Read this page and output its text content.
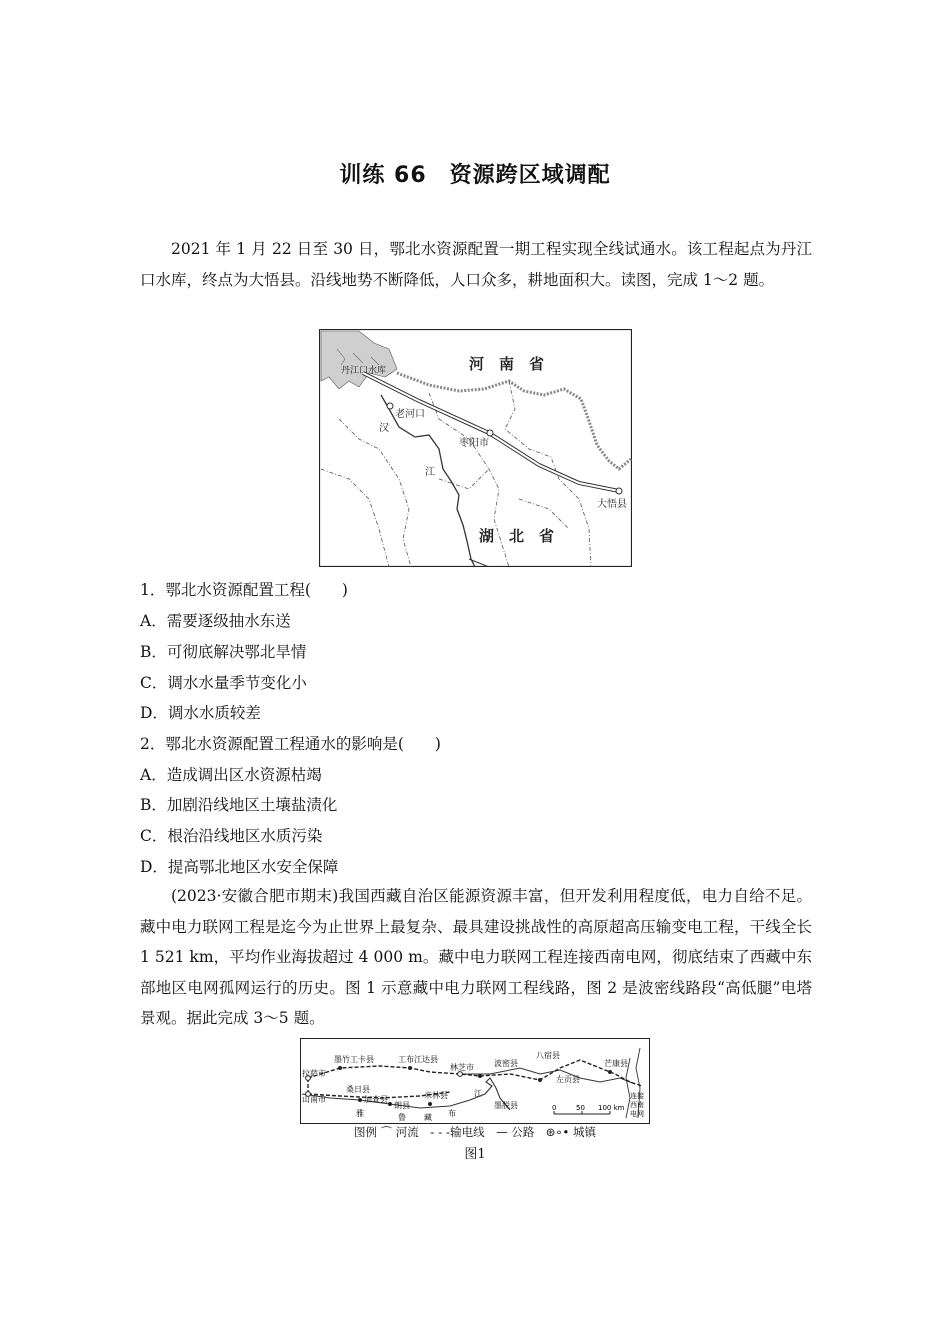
训练 66　资源跨区域调配

2021 年 1 月 22 日至 30 日，鄂北水资源配置一期工程实现全线试通水。该工程起点为丹江口水库，终点为大悟县。沿线地势不断降低，人口众多，耕地面积大。读图，完成 1～2 题。

丹江口水库
老河口
枣阳市
大悟县
汉
江
河　南　省
湖　北　省
1．鄂北水资源配置工程(　　)
A．需要逐级抽水东送
B．可彻底解决鄂北旱情
C．调水水量季节变化小
D．调水水质较差
2．鄂北水资源配置工程通水的影响是(　　)
A．造成调出区水资源枯竭
B．加剧沿线地区土壤盐渍化
C．根治沿线地区水质污染
D．提高鄂北地区水安全保障

(2023·安徽合肥市期末)我国西藏自治区能源资源丰富，但开发利用程度低，电力自给不足。藏中电力联网工程是迄今为止世界上最复杂、最具建设挑战性的高原超高压输变电工程，干线全长 1 521 km，平均作业海拔超过 4 000 m。藏中电力联网工程连接西南电网，彻底结束了西藏中东部地区电网孤网运行的历史。图 1 示意藏中电力联网工程线路，图 2 是波密线路段“高低腿”电塔景观。据此完成 3～5 题。

拉萨市
墨竹工卡县	工布江达县
林芝市	波密县
八宿县
左贡县
芒康县
山南市
桑日县
加查县
朗县
米林县
墨脱县
雅	鲁 藏 布
江	连接
西南
电网
0	50 100 km
图例 ⌒ 河流　- - -输电线　— 公路　⊛∘• 城镇
图1
